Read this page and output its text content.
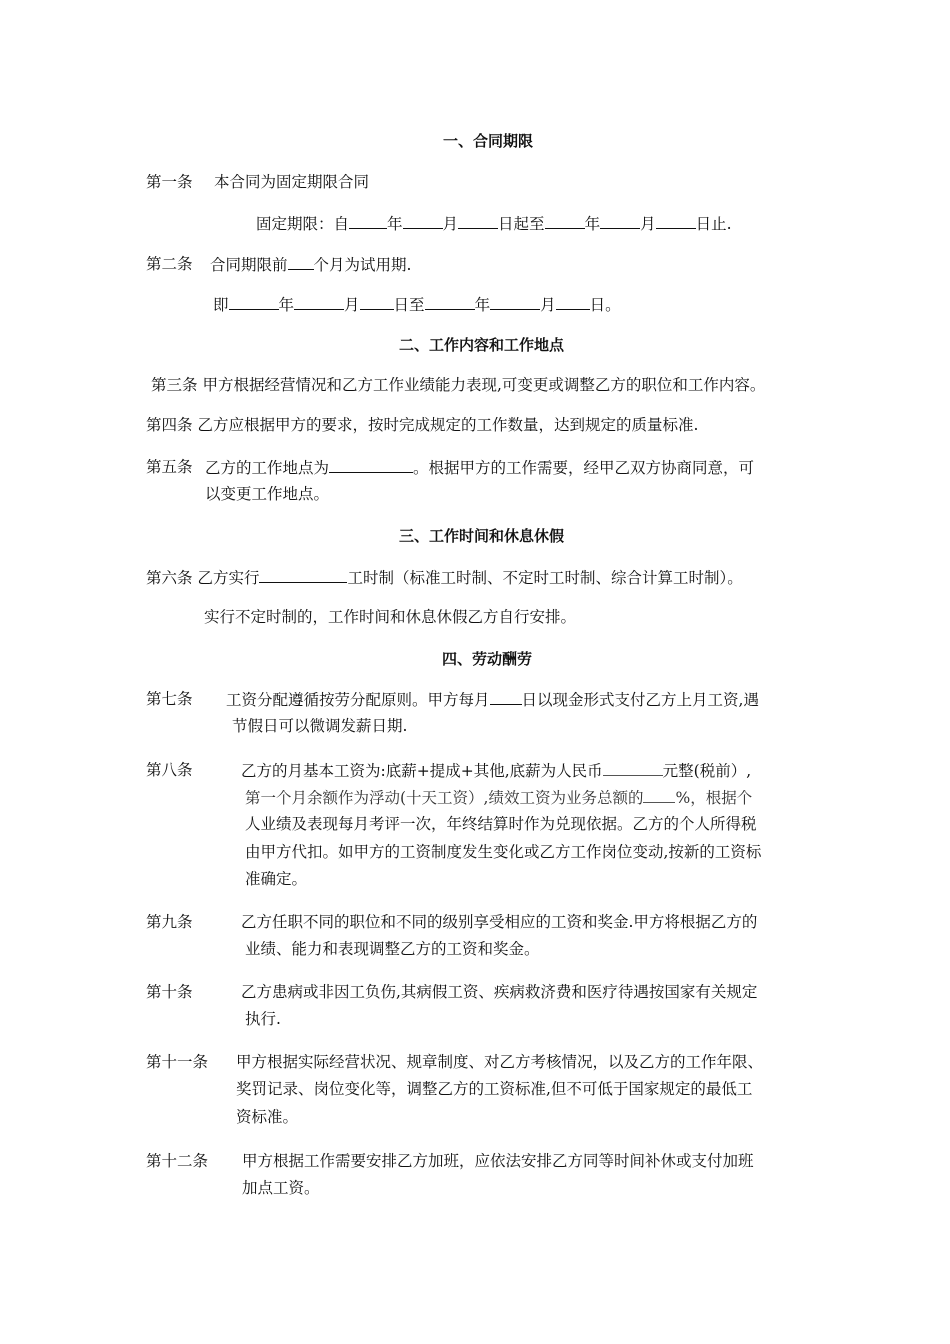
一、合同期限
第一条 本合同为固定期限合同
固定期限：自 年	月	日起至	年	月	日止.
第二条 合同期限前 个月为试用期.
即	年	月 日至	年	月 日。
二、工作内容和工作地点
第三条 甲方根据经营情况和乙方工作业绩能力表现,可变更或调整乙方的职位和工作内容。
第四条 乙方应根据甲方的要求，按时完成规定的工作数量，达到规定的质量标准.
第五条 乙方的工作地点为	。根据甲方的工作需要，经甲乙双方协商同意，可
以变更工作地点。
三、工作时间和休息休假
第六条 乙方实行	工时制（标准工时制、不定时工时制、综合计算工时制）。
实行不定时制的，工作时间和休息休假乙方自行安排。
四、劳动酬劳
第七条 工资分配遵循按劳分配原则。甲方每月 日以现金形式支付乙方上月工资,遇
节假日可以微调发薪日期.
第八条	乙方的月基本工资为:底薪+提成+其他,底薪为人民币	元整(税前）,
第一个月余额作为浮动(十天工资）,绩效工资为业务总额的 %，根据个
人业绩及表现每月考评一次，年终结算时作为兑现依据。乙方的个人所得税
由甲方代扣。如甲方的工资制度发生变化或乙方工作岗位变动,按新的工资标
准确定。
第九条	乙方任职不同的职位和不同的级别享受相应的工资和奖金.甲方将根据乙方的
业绩、能力和表现调整乙方的工资和奖金。
第十条	乙方患病或非因工负伤,其病假工资、疾病救济费和医疗待遇按国家有关规定
执行.
第十一条 甲方根据实际经营状况、规章制度、对乙方考核情况，以及乙方的工作年限、
奖罚记录、岗位变化等，调整乙方的工资标准,但不可低于国家规定的最低工
资标准。
第十二条 甲方根据工作需要安排乙方加班，应依法安排乙方同等时间补休或支付加班
加点工资。
